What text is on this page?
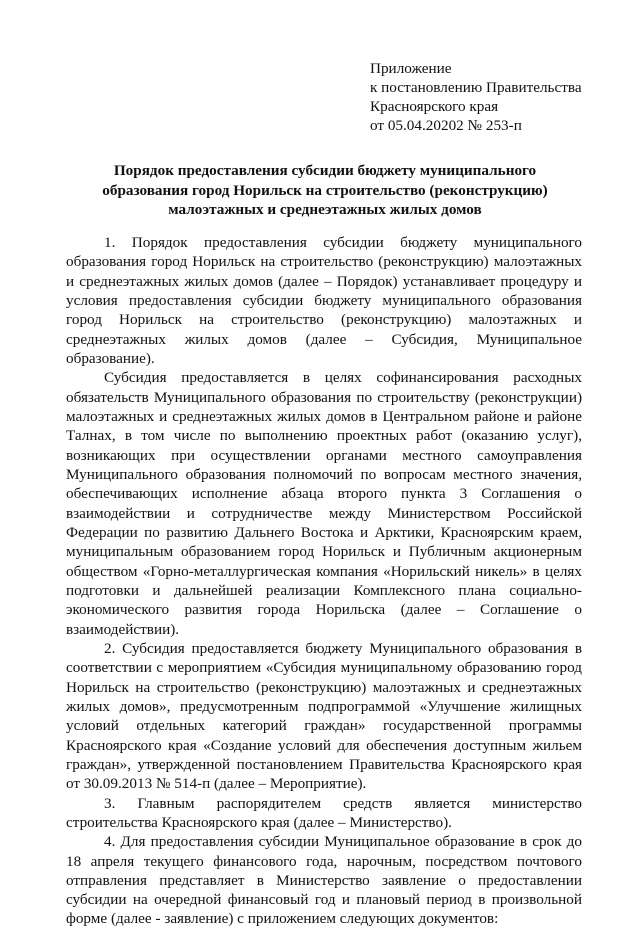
Приложение
к постановлению Правительства
Красноярского края
от 05.04.20202 № 253-п
Порядок предоставления субсидии бюджету муниципального
образования город Норильск на строительство (реконструкцию)
малоэтажных и среднеэтажных жилых домов

1. Порядок предоставления субсидии бюджету муниципального образования город Норильск на строительство (реконструкцию) малоэтажных и среднеэтажных жилых домов (далее – Порядок) устанавливает процедуру и условия предоставления субсидии бюджету муниципального образования город Норильск на строительство (реконструкцию) малоэтажных и среднеэтажных жилых домов (далее – Субсидия, Муниципальное образование).

Субсидия предоставляется в целях софинансирования расходных обязательств Муниципального образования по строительству (реконструкции) малоэтажных и среднеэтажных жилых домов в Центральном районе и районе Талнах, в том числе по выполнению проектных работ (оказанию услуг), возникающих при осуществлении органами местного самоуправления Муниципального образования полномочий по вопросам местного значения, обеспечивающих исполнение абзаца второго пункта 3 Соглашения о взаимодействии и сотрудничестве между Министерством Российской Федерации по развитию Дальнего Востока и Арктики, Красноярским краем, муниципальным образованием город Норильск и Публичным акционерным обществом «Горно-металлургическая компания «Норильский никель» в целях подготовки и дальнейшей реализации Комплексного плана социально-экономического развития города Норильска (далее – Соглашение о взаимодействии).

2. Субсидия предоставляется бюджету Муниципального образования в соответствии с мероприятием «Субсидия муниципальному образованию город Норильск на строительство (реконструкцию) малоэтажных и среднеэтажных жилых домов», предусмотренным подпрограммой «Улучшение жилищных условий отдельных категорий граждан» государственной программы Красноярского края «Создание условий для обеспечения доступным жильем граждан», утвержденной постановлением Правительства Красноярского края от 30.09.2013 № 514-п (далее – Мероприятие).

3. Главным распорядителем средств является министерство строительства Красноярского края (далее – Министерство).

4. Для предоставления субсидии Муниципальное образование в срок до 18 апреля текущего финансового года, нарочным, посредством почтового отправления представляет в Министерство заявление о предоставлении субсидии на очередной финансовый год и плановый период в произвольной форме (далее - заявление) с приложением следующих документов:
